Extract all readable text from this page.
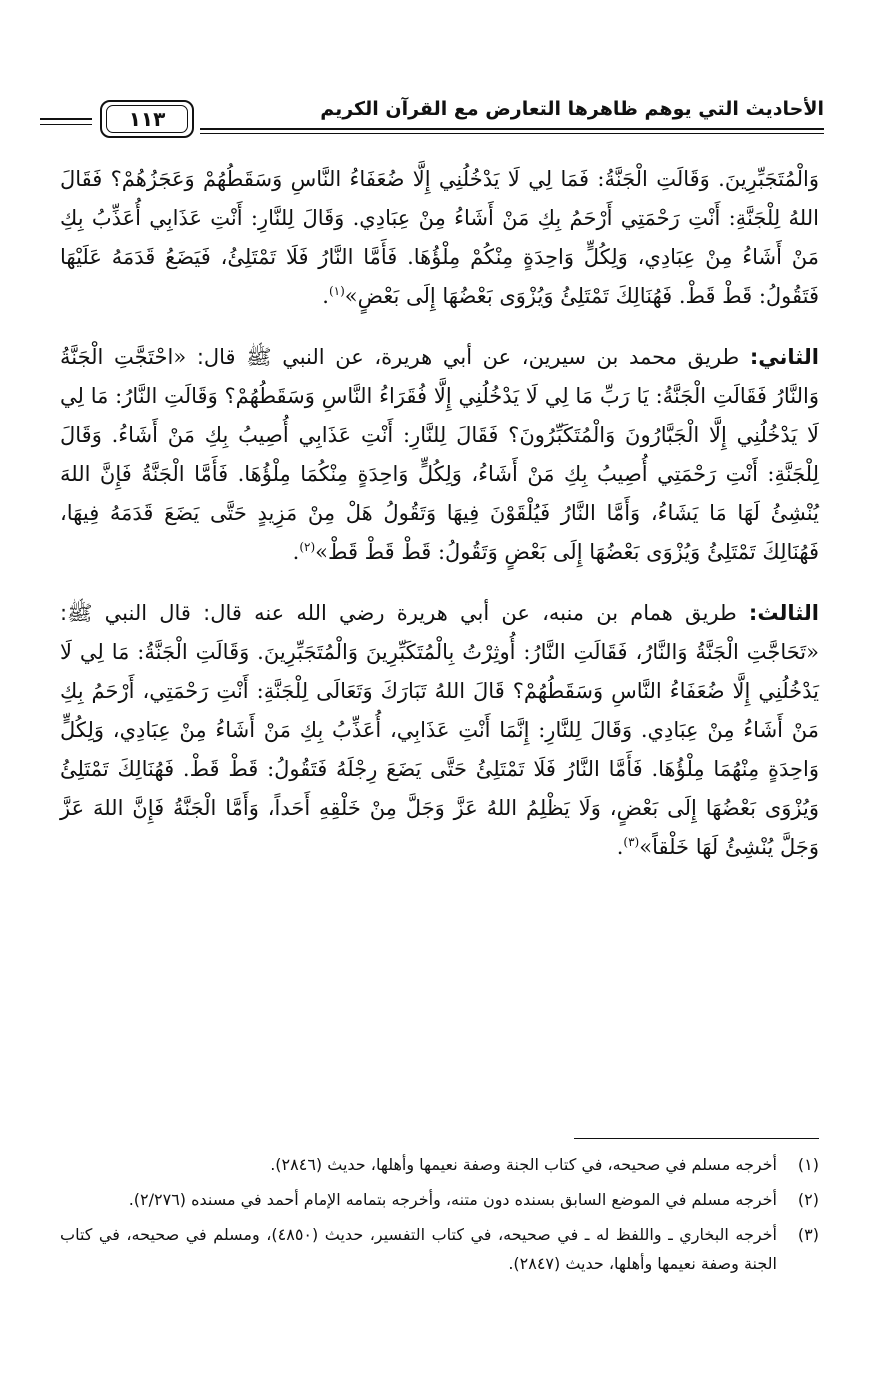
الأحاديث التي يوهم ظاهرها التعارض مع القرآن الكريم
١١٣

وَالْمُتَجَبِّرِينَ. وَقَالَتِ الْجَنَّةُ: فَمَا لِي لَا يَدْخُلُنِي إِلَّا ضُعَفَاءُ النَّاسِ وَسَقَطُهُمْ وَعَجَزُهُمْ؟ فَقَالَ اللهُ لِلْجَنَّةِ: أَنْتِ رَحْمَتِي أَرْحَمُ بِكِ مَنْ أَشَاءُ مِنْ عِبَادِي. وَقَالَ لِلنَّارِ: أَنْتِ عَذَابِي أُعَذِّبُ بِكِ مَنْ أَشَاءُ مِنْ عِبَادِي، وَلِكُلٍّ وَاحِدَةٍ مِنْكُمْ مِلْؤُهَا. فَأَمَّا النَّارُ فَلَا تَمْتَلِئُ، فَيَضَعُ قَدَمَهُ عَلَيْهَا فَتَقُولُ: قَطْ قَطْ. فَهُنَالِكَ تَمْتَلِئُ وَيُزْوَى بَعْضُهَا إِلَى بَعْضٍ»$^{(١)}$.

الثاني: طريق محمد بن سيرين، عن أبي هريرة، عن النبي ﷺ قال: «احْتَجَّتِ الْجَنَّةُ وَالنَّارُ فَقَالَتِ الْجَنَّةُ: يَا رَبِّ مَا لِي لَا يَدْخُلُنِي إِلَّا فُقَرَاءُ النَّاسِ وَسَقَطُهُمْ؟ وَقَالَتِ النَّارُ: مَا لِي لَا يَدْخُلُنِي إِلَّا الْجَبَّارُونَ وَالْمُتَكَبِّرُونَ؟ فَقَالَ لِلنَّارِ: أَنْتِ عَذَابِي أُصِيبُ بِكِ مَنْ أَشَاءُ. وَقَالَ لِلْجَنَّةِ: أَنْتِ رَحْمَتِي أُصِيبُ بِكِ مَنْ أَشَاءُ، وَلِكُلٍّ وَاحِدَةٍ مِنْكُمَا مِلْؤُهَا. فَأَمَّا الْجَنَّةُ فَإِنَّ اللهَ يُنْشِئُ لَهَا مَا يَشَاءُ، وَأَمَّا النَّارُ فَيُلْقَوْنَ فِيهَا وَتَقُولُ هَلْ مِنْ مَزِيدٍ حَتَّى يَضَعَ قَدَمَهُ فِيهَا، فَهُنَالِكَ تَمْتَلِئُ وَيُزْوَى بَعْضُهَا إِلَى بَعْضٍ وَتَقُولُ: قَطْ قَطْ قَطْ»$^{(٢)}$.

الثالث: طريق همام بن منبه، عن أبي هريرة رضي الله عنه قال: قال النبي ﷺ: «تَحَاجَّتِ الْجَنَّةُ وَالنَّارُ، فَقَالَتِ النَّارُ: أُوثِرْتُ بِالْمُتَكَبِّرِينَ وَالْمُتَجَبِّرِينَ. وَقَالَتِ الْجَنَّةُ: مَا لِي لَا يَدْخُلُنِي إِلَّا ضُعَفَاءُ النَّاسِ وَسَقَطُهُمْ؟ قَالَ اللهُ تَبَارَكَ وَتَعَالَى لِلْجَنَّةِ: أَنْتِ رَحْمَتِي، أَرْحَمُ بِكِ مَنْ أَشَاءُ مِنْ عِبَادِي. وَقَالَ لِلنَّارِ: إِنَّمَا أَنْتِ عَذَابِي، أُعَذِّبُ بِكِ مَنْ أَشَاءُ مِنْ عِبَادِي، وَلِكُلٍّ وَاحِدَةٍ مِنْهُمَا مِلْؤُهَا. فَأَمَّا النَّارُ فَلَا تَمْتَلِئُ حَتَّى يَضَعَ رِجْلَهُ فَتَقُولُ: قَطْ قَطْ. فَهُنَالِكَ تَمْتَلِئُ وَيُزْوَى بَعْضُهَا إِلَى بَعْضٍ، وَلَا يَظْلِمُ اللهُ عَزَّ وَجَلَّ مِنْ خَلْقِهِ أَحَداً، وَأَمَّا الْجَنَّةُ فَإِنَّ اللهَ عَزَّ وَجَلَّ يُنْشِئُ لَهَا خَلْقاً»$^{(٣)}$.

(١)
أخرجه مسلم في صحيحه، في كتاب الجنة وصفة نعيمها وأهلها، حديث (٢٨٤٦).
(٢)
أخرجه مسلم في الموضع السابق بسنده دون متنه، وأخرجه بتمامه الإمام أحمد في مسنده (٢/٢٧٦).
(٣)
أخرجه البخاري ـ واللفظ له ـ في صحيحه، في كتاب التفسير، حديث (٤٨٥٠)، ومسلم في صحيحه، في كتاب الجنة وصفة نعيمها وأهلها، حديث (٢٨٤٧).
